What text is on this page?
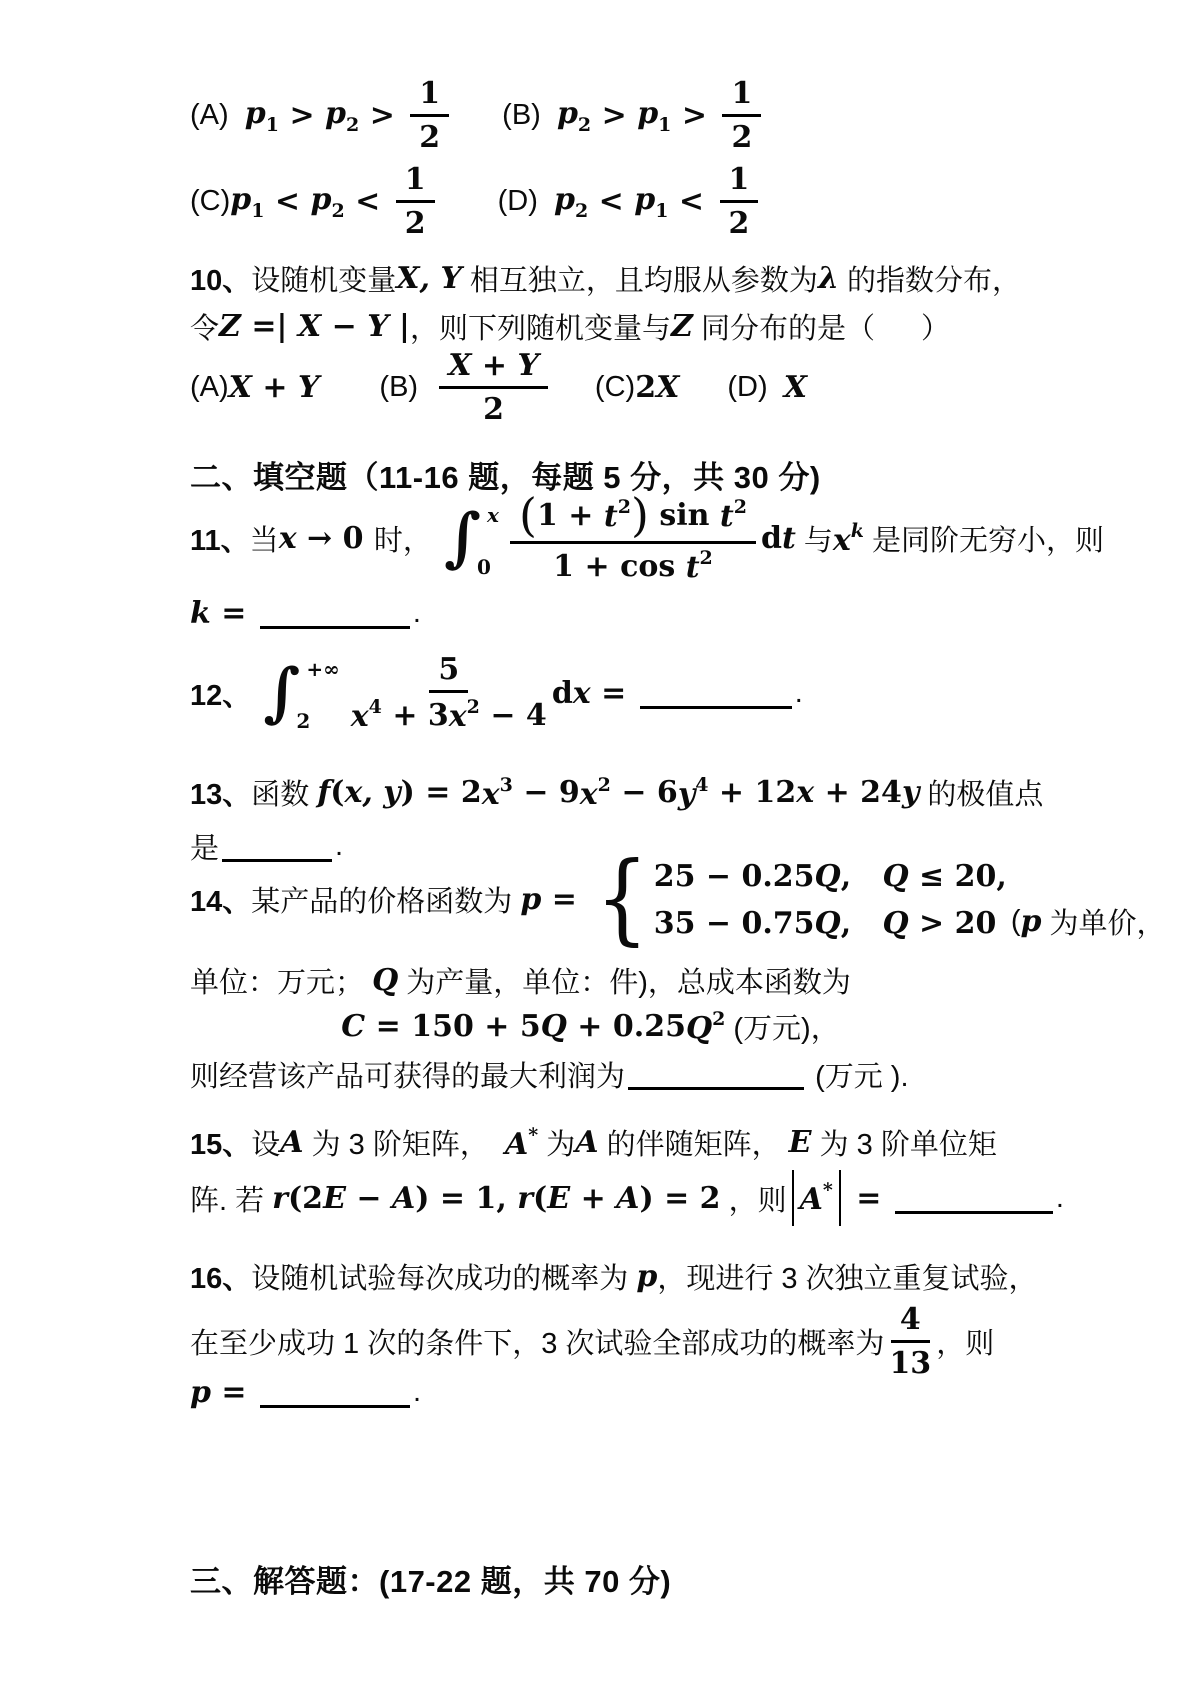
(A) $p1 > p2 > \frac{1}{2} (B) p2 > p1 > \frac{1}{2}$
(C) $p1 < p2 < \frac{1}{2} (D) p2 < p1 < \frac{1}{2}$
10、 设随机变量 X, Y 相互独立，且均服从参数为 λ 的指数分布，
令 Z =| X − Y | ，则下列随机变量与 Z 同分布的是（ ）
(A) X + Y $(B) \frac{X + Y}{2} (C)$ 2 X (D) X
二、填空题（11-16 题，每题 5 分，共 30 分)
11、 当 x → 0 时， ∫ x
$0 \frac{\text{( 1 + t2 ) sin t2}}{\text{1 + cos t2}}$ d t 与 xk 是同阶无穷小，则
k =	.
12、 ∫ +∞
2	$\frac{5}{x4 + 3 x2 - 4}$ d x =	.
13、 函数 f ( x, y ) = 2 x3 − 9 x2 − 6 y4 + 12 x + 24 y 的极值点
是	.
14、 某产品的价格函数为 p = { 25 − 0.25 Q , Q ≤ 20,
35 − 0.75 Q , Q > 20 ( p 为单价，
单位：万元； Q 为产量，单位：件)，总成本函数为
C = 150 + 5 Q + 0.25 Q2 (万元)，
则经营该产品可获得的最大利润为	(万元 ).
15、 设 A 为 3 阶矩阵， A* 为 A 的伴随矩阵， E 为 3 阶单位矩
阵. 若 r (2 E − A ) = 1, r ( E + A ) = 2 ，则 A* =	.
16、 设随机试验每次成功的概率为 p ，现进行 3 次独立重复试验，
在至少成功 1 次的条件下，3 次试验全部成功的概率为 $\frac{4}{13}$ ，则
p =	.
三、解答题：(17-22 题，共 70 分)
